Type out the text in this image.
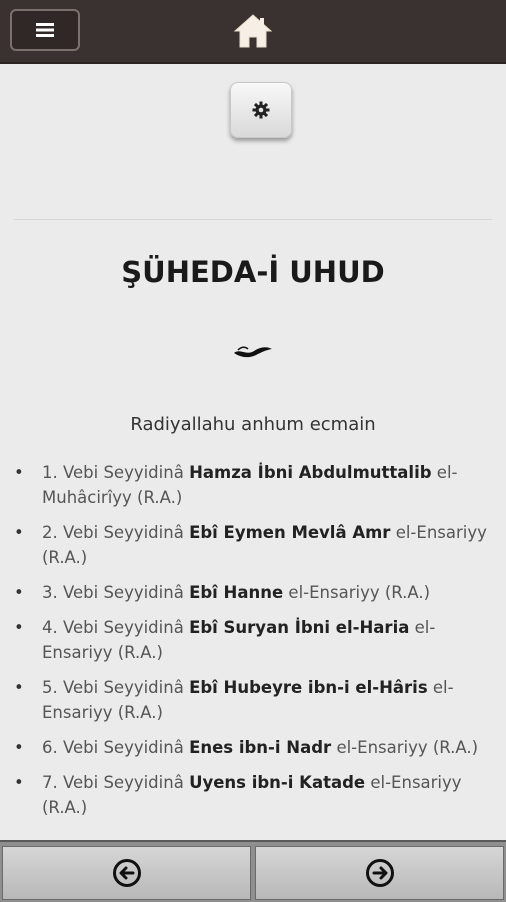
ŞÜHEDA-İ UHUD
Radiyallahu anhum ecmain
• 1. Vebi Seyyidinâ Hamza İbni Abdulmuttalib el-Muhâcirîyy (R.A.)
• 2. Vebi Seyyidinâ Ebî Eymen Mevlâ Amr el-Ensariyy (R.A.)
• 3. Vebi Seyyidinâ Ebî Hanne el-Ensariyy (R.A.)
• 4. Vebi Seyyidinâ Ebî Suryan İbni el-Haria el-Ensariyy (R.A.)
• 5. Vebi Seyyidinâ Ebî Hubeyre ibn-i el-Hâris el-Ensariyy (R.A.)
• 6. Vebi Seyyidinâ Enes ibn-i Nadr el-Ensariyy (R.A.)
• 7. Vebi Seyyidinâ Uyens ibn-i Katade el-Ensariyy (R.A.)
